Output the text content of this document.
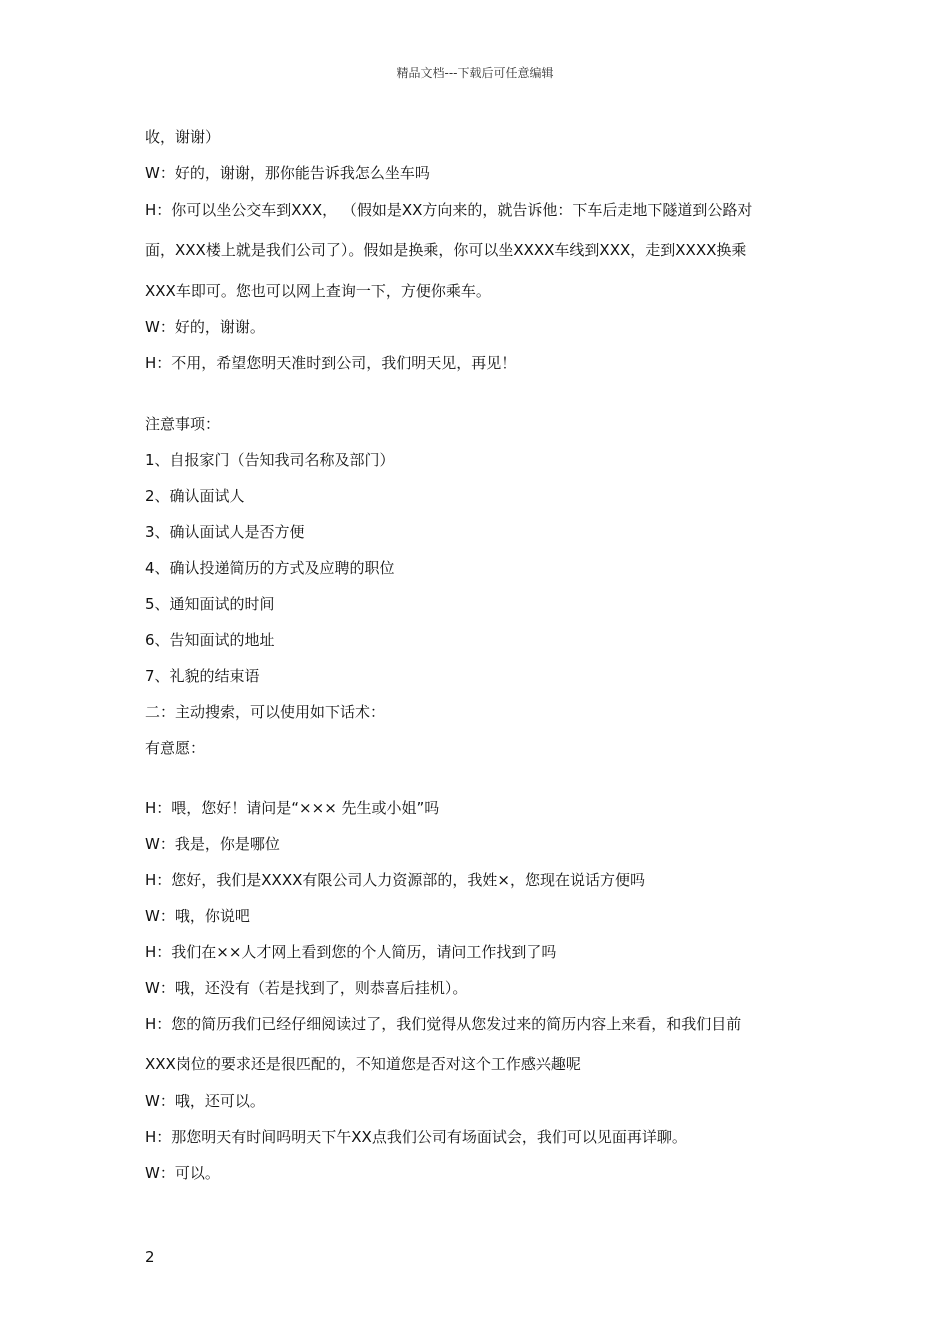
精品文档---下载后可任意编辑
收，谢谢）
W：好的，谢谢，那你能告诉我怎么坐车吗
H：你可以坐公交车到XXX， （假如是XX方向来的，就告诉他：下车后走地下隧道到公路对
面，XXX楼上就是我们公司了）。假如是换乘，你可以坐XXXX车线到XXX，走到XXXX换乘
XXX车即可。您也可以网上查询一下，方便你乘车。
W：好的，谢谢。
H：不用，希望您明天准时到公司，我们明天见，再见！
注意事项：
1、自报家门（告知我司名称及部门）
2、确认面试人
3、确认面试人是否方便
4、确认投递简历的方式及应聘的职位
5、通知面试的时间
6、告知面试的地址
7、礼貌的结束语
二：主动搜索，可以使用如下话术：
有意愿：
H：喂，您好！请问是“××× 先生或小姐”吗
W：我是，你是哪位
H：您好，我们是XXXX有限公司人力资源部的，我姓×，您现在说话方便吗
W：哦，你说吧
H：我们在××人才网上看到您的个人简历，请问工作找到了吗
W：哦，还没有（若是找到了，则恭喜后挂机）。
H：您的简历我们已经仔细阅读过了，我们觉得从您发过来的简历内容上来看，和我们目前
XXX岗位的要求还是很匹配的，不知道您是否对这个工作感兴趣呢
W：哦，还可以。
H：那您明天有时间吗明天下午XX点我们公司有场面试会，我们可以见面再详聊。
W：可以。
2
